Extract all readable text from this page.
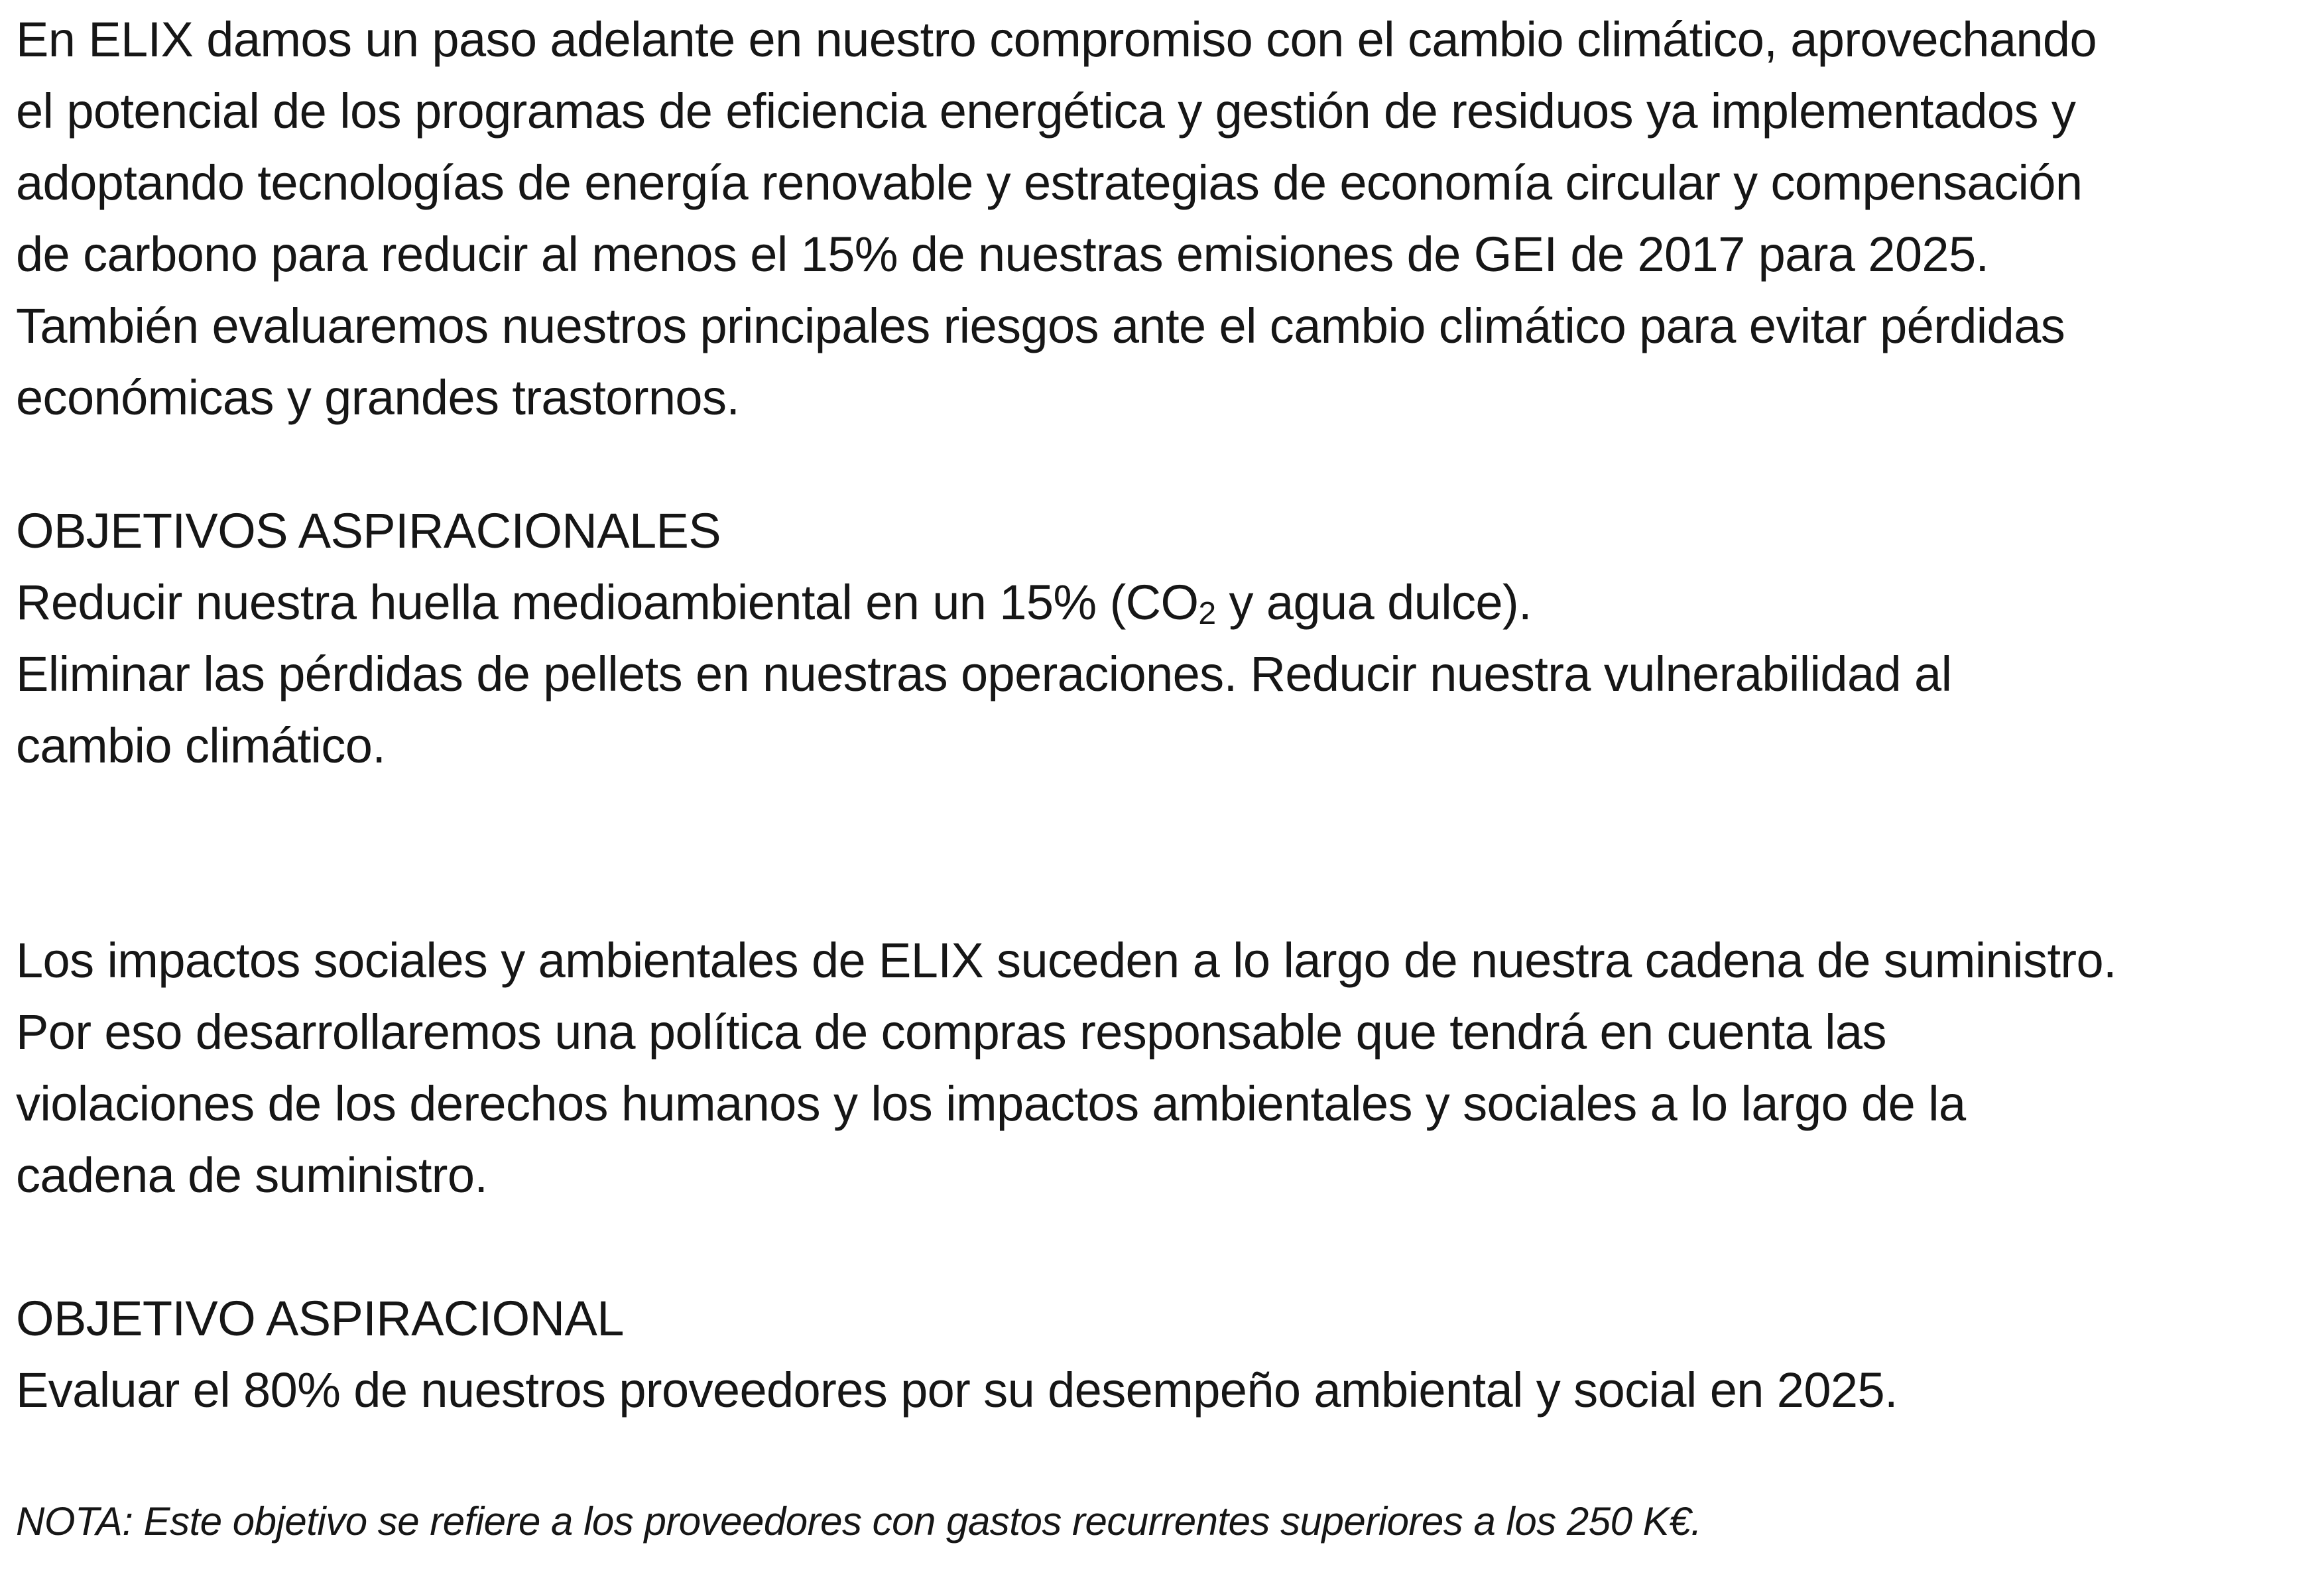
En ELIX damos un paso adelante en nuestro compromiso con el cambio climático, aprovechando
el potencial de los programas de eficiencia energética y gestión de residuos ya implementados y
adoptando tecnologías de energía renovable y estrategias de economía circular y compensación
de carbono para reducir al menos el 15% de nuestras emisiones de GEI de 2017 para 2025.
También evaluaremos nuestros principales riesgos ante el cambio climático para evitar pérdidas
económicas y grandes trastornos.

OBJETIVOS ASPIRACIONALES

Reducir nuestra huella medioambiental en un 15% (CO2 y agua dulce).
Eliminar las pérdidas de pellets en nuestras operaciones. Reducir nuestra vulnerabilidad al
cambio climático.

Los impactos sociales y ambientales de ELIX suceden a lo largo de nuestra cadena de suministro.
Por eso desarrollaremos una política de compras responsable que tendrá en cuenta las
violaciones de los derechos humanos y los impactos ambientales y sociales a lo largo de la
cadena de suministro.

OBJETIVO ASPIRACIONAL

Evaluar el 80% de nuestros proveedores por su desempeño ambiental y social en 2025.

NOTA: Este objetivo se refiere a los proveedores con gastos recurrentes superiores a los 250 K€.
